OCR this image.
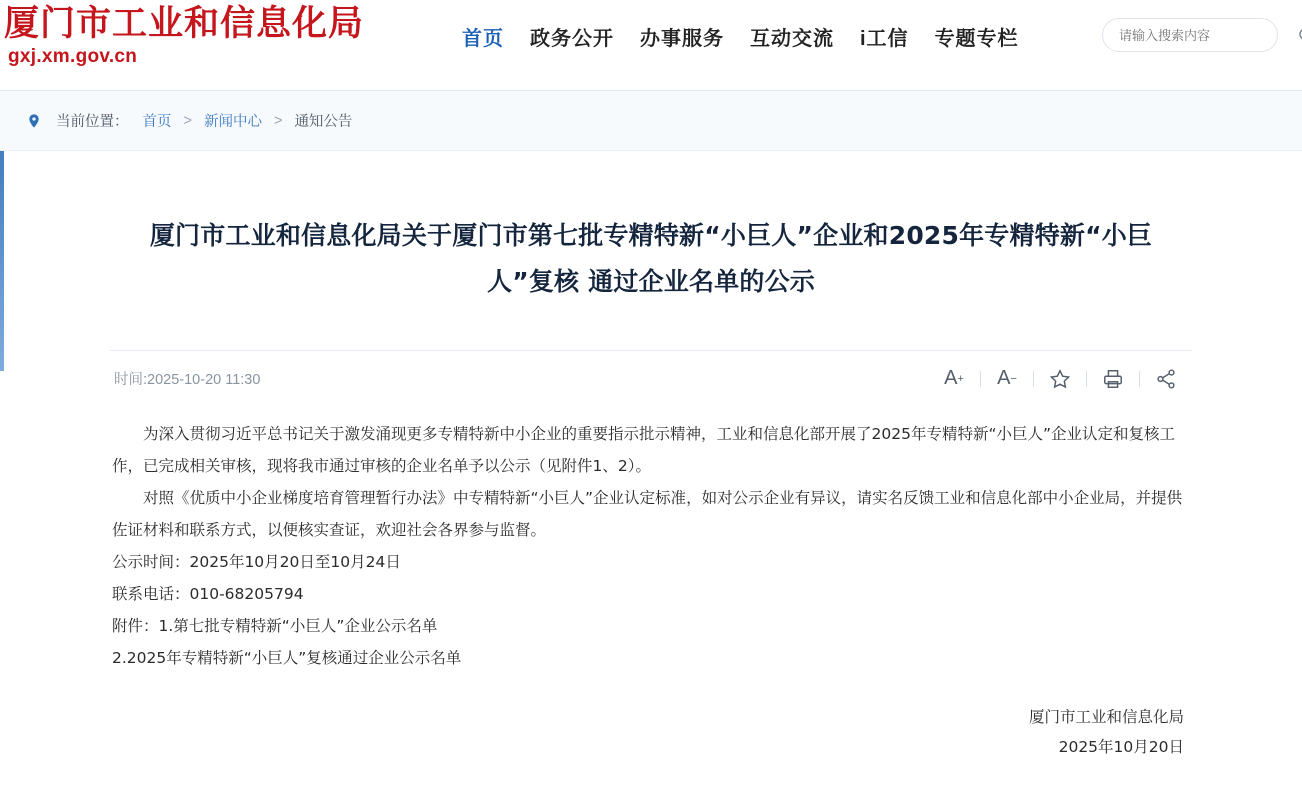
厦门市工业和信息化局
gxj.xm.gov.cn
首页 政务公开 办事服务 互动交流 i工信 专题专栏
请输入搜索内容
当前位置： 首页 > 新闻中心 > 通知公告
厦门市工业和信息化局关于厦门市第七批专精特新“小巨人”企业和2025年专精特新“小巨人”复核 通过企业名单的公示
时间:2025-10-20 11:30	A +	A −

为深入贯彻习近平总书记关于激发涌现更多专精特新中小企业的重要指示批示精神，工业和信息化部开展了2025年专精特新“小巨人”企业认定和复核工作，已完成相关审核，现将我市通过审核的企业名单予以公示（见附件1、2）。

对照《优质中小企业梯度培育管理暂行办法》中专精特新“小巨人”企业认定标准，如对公示企业有异议，请实名反馈工业和信息化部中小企业局，并提供佐证材料和联系方式，以便核实查证，欢迎社会各界参与监督。

公示时间：2025年10月20日至10月24日

联系电话：010-68205794

附件：1.第七批专精特新“小巨人”企业公示名单

2.2025年专精特新“小巨人”复核通过企业公示名单

厦门市工业和信息化局
2025年10月20日
